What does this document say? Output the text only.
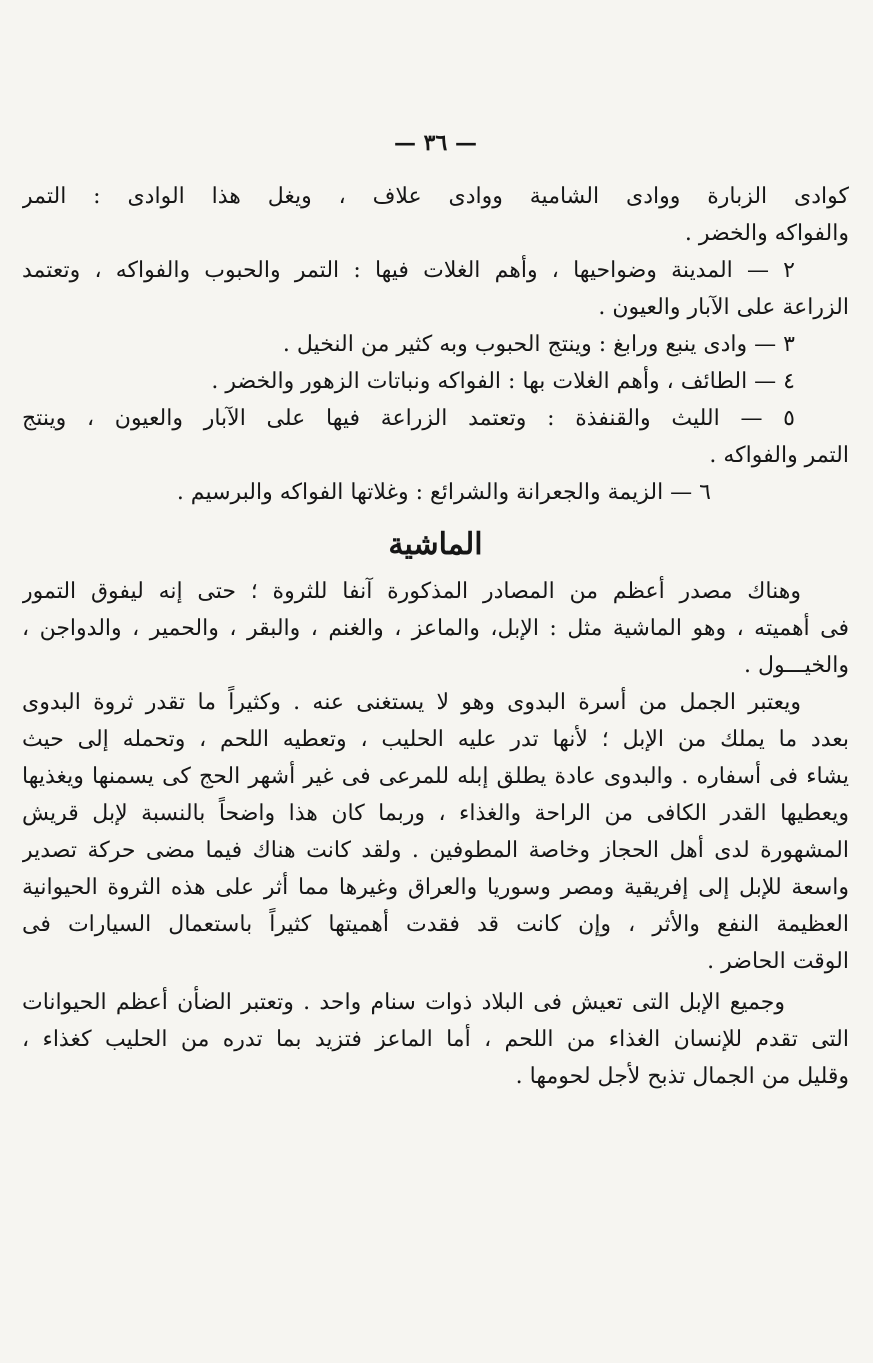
— ٣٦ —
كوادى الزبارة ووادى الشامية ووادى علاف ، ويغل هذا الوادى : التمر
والفواكه والخضر .
٢ — المدينة وضواحيها ، وأهم الغلات فيها : التمر والحبوب والفواكه ، وتعتمد
الزراعة على الآبار والعيون .
٣ — وادى ينبع ورابغ : وينتج الحبوب وبه كثير من النخيل .
٤ — الطائف ، وأهم الغلات بها : الفواكه ونباتات الزهور والخضر .
٥ — الليث والقنفذة : وتعتمد الزراعة فيها على الآبار والعيون ، وينتج
التمر والفواكه .
٦ — الزيمة والجعرانة والشرائع : وغلاتها الفواكه والبرسيم .
الماشية
وهناك مصدر أعظم من المصادر المذكورة آنفا للثروة ؛ حتى إنه ليفوق التمور
فى أهميته ، وهو الماشية مثل : الإبل، والماعز ، والغنم ، والبقر ، والحمير ، والدواجن ،
والخيـــول .
ويعتبر الجمل من أسرة البدوى وهو لا يستغنى عنه . وكثيراً ما تقدر ثروة البدوى
بعدد ما يملك من الإبل ؛ لأنها تدر عليه الحليب ، وتعطيه اللحم ، وتحمله إلى حيث
يشاء فى أسفاره . والبدوى عادة يطلق إبله للمرعى فى غير أشهر الحج كى يسمنها ويغذيها
ويعطيها القدر الكافى من الراحة والغذاء ، وربما كان هذا واضحاً بالنسبة لإبل قريش
المشهورة لدى أهل الحجاز وخاصة المطوفين . ولقد كانت هناك فيما مضى حركة تصدير
واسعة للإبل إلى إفريقية ومصر وسوريا والعراق وغيرها مما أثر على هذه الثروة الحيوانية
العظيمة النفع والأثر ، وإن كانت قد فقدت أهميتها كثيراً باستعمال السيارات فى
الوقت الحاضر .
وجميع الإبل التى تعيش فى البلاد ذوات سنام واحد . وتعتبر الضأن أعظم الحيوانات
التى تقدم للإنسان الغذاء من اللحم ، أما الماعز فتزيد بما تدره من الحليب كغذاء ،
وقليل من الجمال تذبح لأجل لحومها .
